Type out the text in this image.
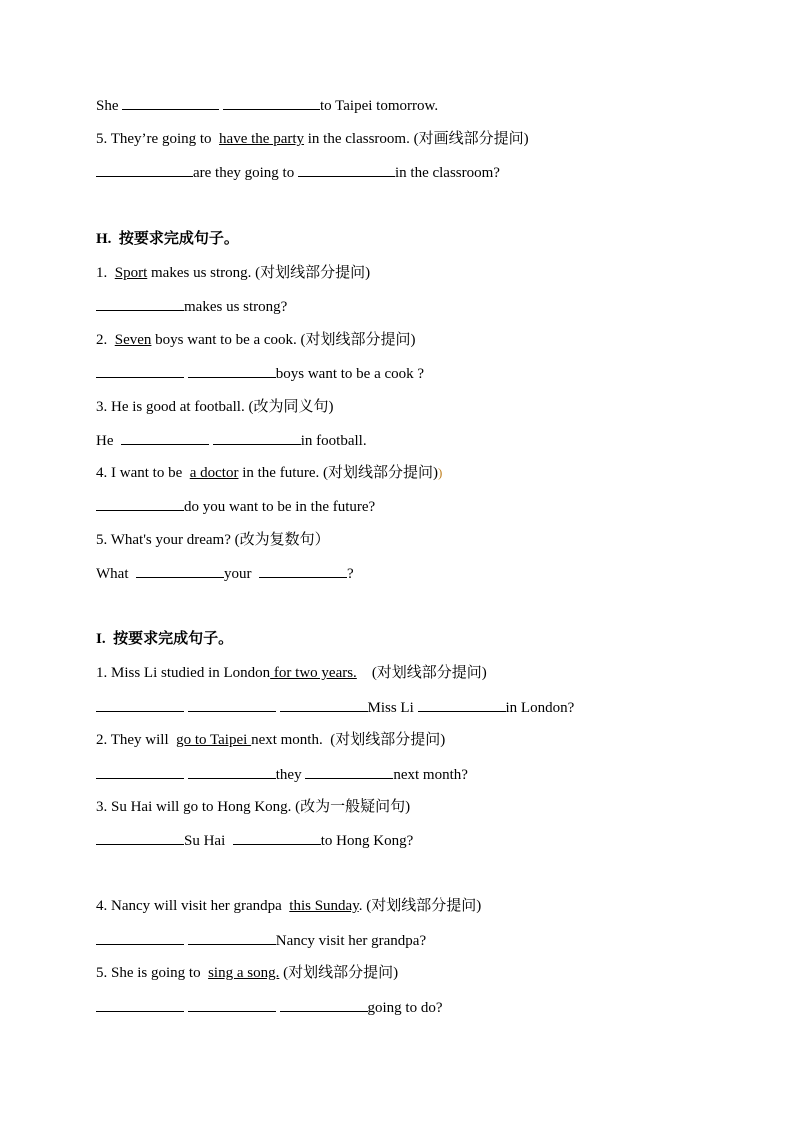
She	to Taipei tomorrow.
5. They’re going to have the party in the classroom. (对画线部分提问)
are they going to	in the classroom?
H.  按要求完成句子。
1. Sport makes us strong. (对划线部分提问)
makes us strong?
2. Seven boys want to be a cook. (对划线部分提问)
boys want to be a cook ?
3. He is good at football. (改为同义句)
He	in football.
4. I want to be a doctor in the future. (对划线部分提问))
do you want to be in the future?
5. What's your dream? (改为复数句）
What	your	?
I.  按要求完成句子。
1. Miss Li studied in London for two years.    (对划线部分提问)
Miss Li	in London?
2. They will go to Taipei next month.  (对划线部分提问)
they	next month?
3. Su Hai will go to Hong Kong. (改为一般疑问句)
Su Hai	to Hong Kong?
4. Nancy will visit her grandpa this Sunday. (对划线部分提问)
Nancy visit her grandpa?
5. She is going to sing a song. (对划线部分提问)
going to do?
